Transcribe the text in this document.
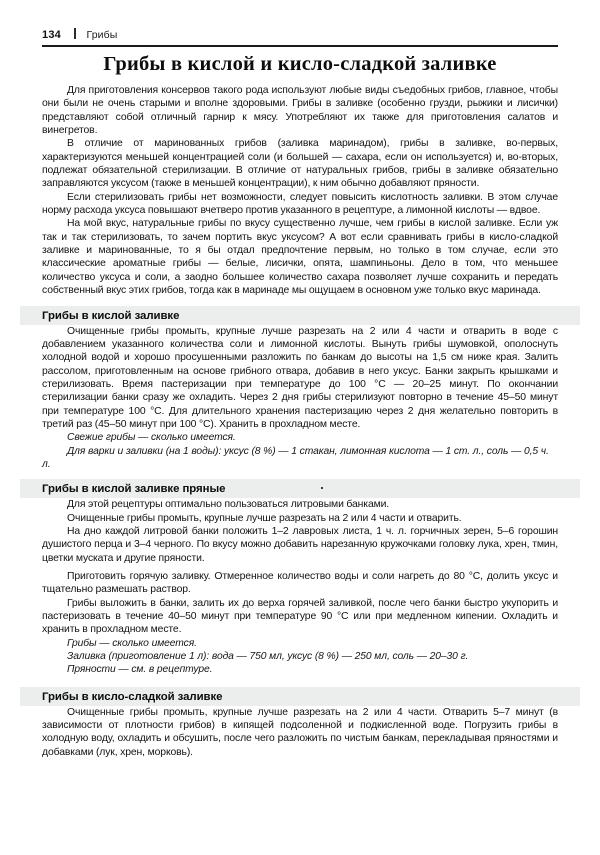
134 Грибы
Грибы в кислой и кисло-сладкой заливке

Для приготовления консервов такого рода используют любые виды съедобных грибов, главное, чтобы они были не очень старыми и вполне здоровыми. Грибы в заливке (особенно грузди, рыжики и лисички) представляют собой отличный гарнир к мясу. Употребляют их также для приготовления салатов и винегретов.

В отличие от маринованных грибов (заливка маринадом), грибы в заливке, во-первых, характеризуются меньшей концентрацией соли (и большей — сахара, если он используется) и, во-вторых, подлежат обязательной стерилизации. В отличие от натуральных грибов, грибы в заливке обязательно заправляются уксусом (также в меньшей концентрации), к ним обычно добавляют пряности.

Если стерилизовать грибы нет возможности, следует повысить кислотность заливки. В этом случае норму расхода уксуса повышают вчетверо против указанного в рецептуре, а лимонной кислоты — вдвое.

На мой вкус, натуральные грибы по вкусу существенно лучше, чем грибы в кислой заливке. Если уж так и так стерилизовать, то зачем портить вкус уксусом? А вот если сравнивать грибы в кисло-сладкой заливке и маринованные, то я бы отдал предпочтение первым, но только в том случае, если это классические ароматные грибы — белые, лисички, опята, шампиньоны. Дело в том, что меньшее количество уксуса и соли, а заодно большее количество сахара позволяет лучше сохранить и передать собственный вкус этих грибов, тогда как в маринаде мы ощущаем в основном уже только вкус маринада.

Грибы в кислой заливке

Очищенные грибы промыть, крупные лучше разрезать на 2 или 4 части и отварить в воде с добавлением указанного количества соли и лимонной кислоты. Вынуть грибы шумовкой, ополоснуть холодной водой и хорошо просушенными разложить по банкам до высоты на 1,5 см ниже края. Залить рассолом, приготовленным на основе грибного отвара, добавив в него уксус. Банки закрыть крышками и стерилизовать. Время пастеризации при температуре до 100 °C — 20–25 минут. По окончании стерилизации банки сразу же охладить. Через 2 дня грибы стерилизуют повторно в течение 45–50 минут при температуре 100 °C. Для длительного хранения пастеризацию через 2 дня желательно повторить в третий раз (45–50 минут при 100 °C). Хранить в прохладном месте.

Свежие грибы — сколько имеется.

Для варки и заливки (на 1 воды): уксус (8 %) — 1 стакан, лимонная кислота — 1 ст. л., соль — 0,5 ч. л.

Грибы в кислой заливке пряные

Для этой рецептуры оптимально пользоваться литровыми банками.

Очищенные грибы промыть, крупные лучше разрезать на 2 или 4 части и отварить.

На дно каждой литровой банки положить 1–2 лавровых листа, 1 ч. л. горчичных зерен, 5–6 горошин душистого перца и 3–4 черного. По вкусу можно добавить нарезанную кружочками головку лука, хрен, тмин, цветки муската и другие пряности.

Приготовить горячую заливку. Отмеренное количество воды и соли нагреть до 80 °C, долить уксус и тщательно размешать раствор.

Грибы выложить в банки, залить их до верха горячей заливкой, после чего банки быстро укупорить и пастеризовать в течение 40–50 минут при температуре 90 °C или при медленном кипении. Охладить и хранить в прохладном месте.

Грибы — сколько имеется.

Заливка (приготовление 1 л): вода — 750 мл, уксус (8 %) — 250 мл, соль — 20–30 г.

Пряности — см. в рецептуре.

Грибы в кисло-сладкой заливке

Очищенные грибы промыть, крупные лучше разрезать на 2 или 4 части. Отварить 5–7 минут (в зависимости от плотности грибов) в кипящей подсоленной и подкисленной воде. Погрузить грибы в холодную воду, охладить и обсушить, после чего разложить по чистым банкам, перекладывая пряностями и добавками (лук, хрен, морковь).
